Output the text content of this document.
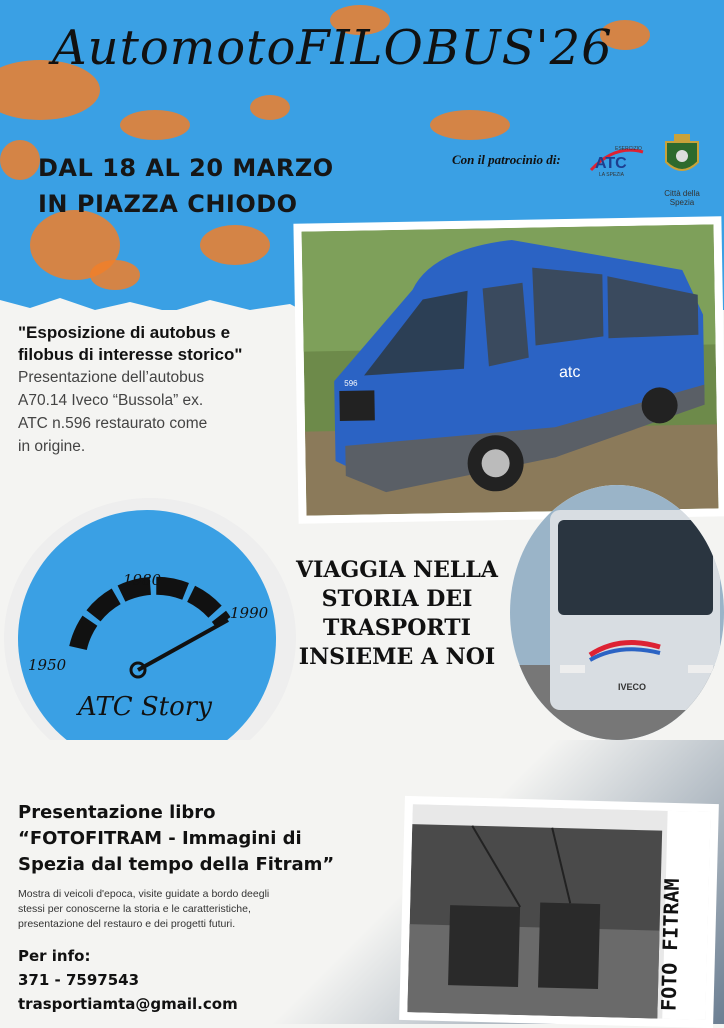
AutomotoFILOBUS'26
DAL 18 AL 20 MARZO
IN PIAZZA CHIODO
Con il patrocinio di:
ESERCIZIO
ATC
LA SPEZIA
Città della Spezia
596
atc
"Esposizione di autobus e
filobus di interesse storico"
Presentazione dell’autobus
A70.14 Iveco “Bussola” ex.
ATC n.596 restaurato come
in origine.
1950
1980
1990
ATC Story
VIAGGIA NELLA
STORIA DEI
TRASPORTI
INSIEME A NOI
IVECO
Presentazione libro
“FOTOFITRAM - Immagini di
Spezia dal tempo della Fitram”
Mostra di veicoli d'epoca, visite guidate a bordo deegli
stessi per conoscerne la storia e le caratteristiche,
presentazione del restauro e dei progetti futuri.
Per info:
371 - 7597543
trasportiamta@gmail.com	FOTO FITRAM
